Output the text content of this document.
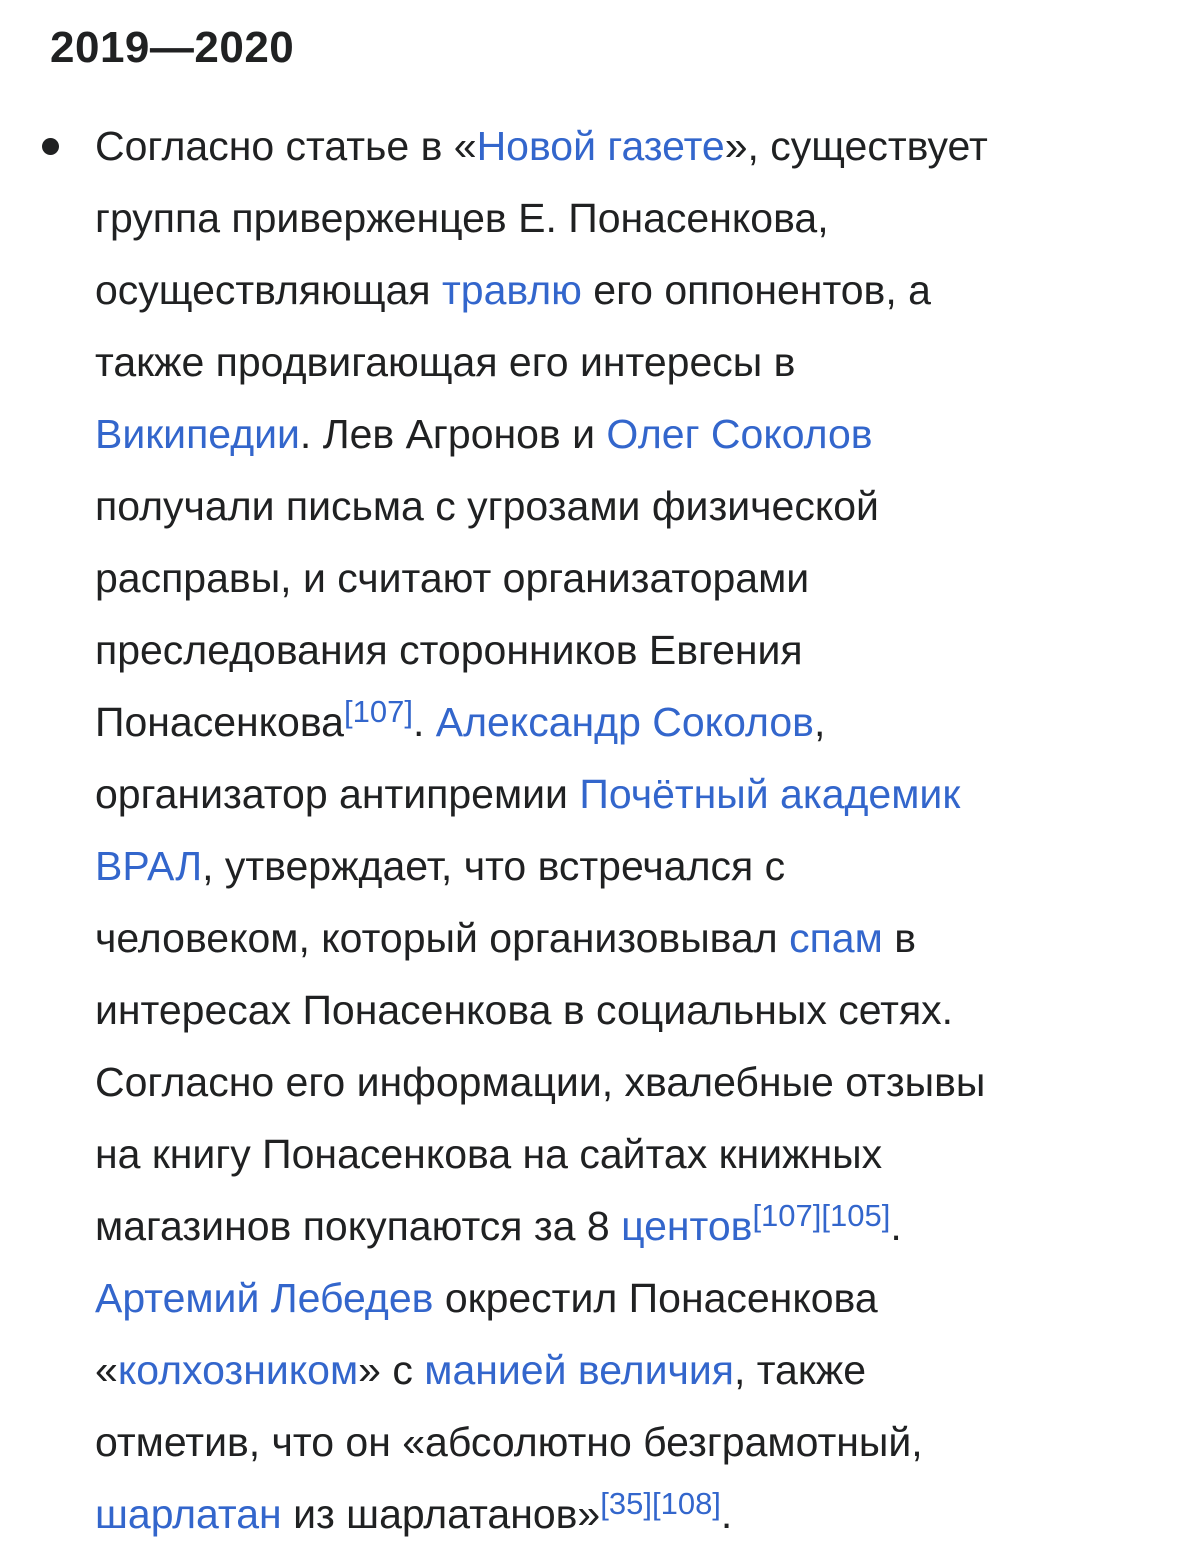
2019—2020
Согласно статье в «Новой газете», существует
группа приверженцев Е. Понасенкова,
осуществляющая травлю его оппонентов, а
также продвигающая его интересы в
Википедии. Лев Агронов и Олег Соколов
получали письма с угрозами физической
расправы, и считают организаторами
преследования сторонников Евгения
Понасенкова[107]. Александр Соколов,
организатор антипремии Почётный академик
ВРАЛ, утверждает, что встречался с
человеком, который организовывал спам в
интересах Понасенкова в социальных сетях.
Согласно его информации, хвалебные отзывы
на книгу Понасенкова на сайтах книжных
магазинов покупаются за 8 центов[107][105].
Артемий Лебедев окрестил Понасенкова
«колхозником» с манией величия, также
отметив, что он «абсолютно безграмотный,
шарлатан из шарлатанов»[35][108].
